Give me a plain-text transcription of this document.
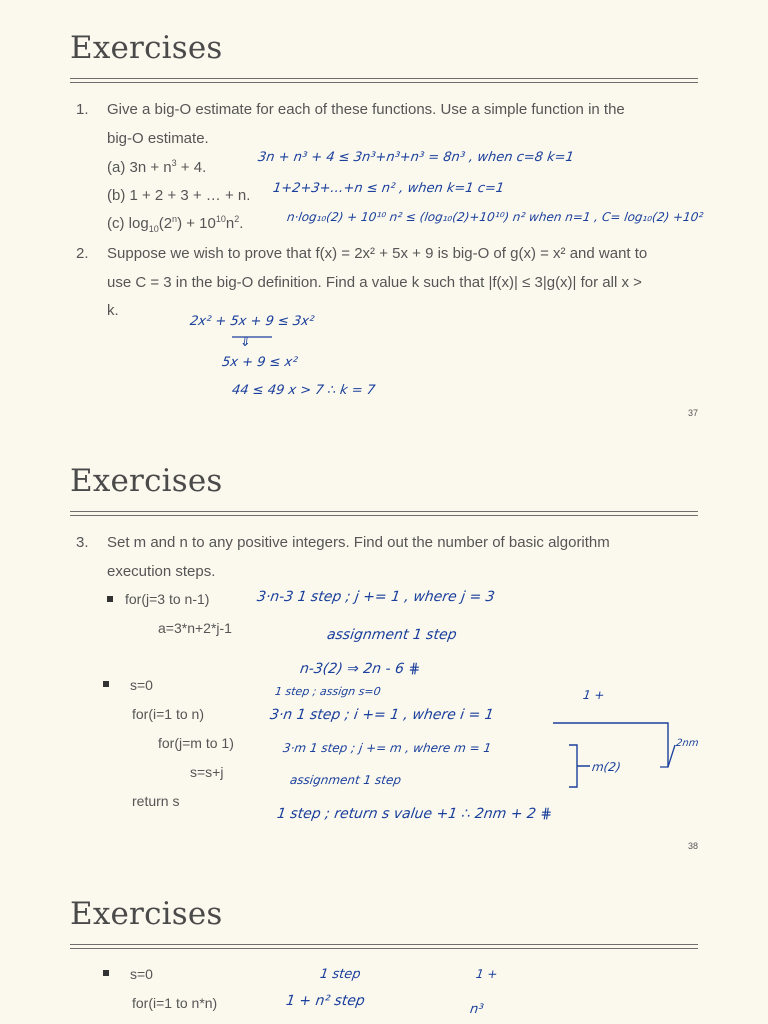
Exercises
1. Give a big-O estimate for each of these functions. Use a simple function in the
big-O estimate.
(a) $3n + n^3 + 4$.
(b) 1 + 2 + 3 + … + n.
(c) $\log_{10}(2^n) + 10^{10}n^2$.
3n + n³ + 4 ≤ 3n³+n³+n³ = 8n³ , when c=8 k=1
1+2+3+…+n ≤ n² , when k=1 c=1
n·log₁₀(2) + 10¹⁰ n² ≤ (log₁₀(2)+10¹⁰) n² when n=1 , C= log₁₀(2) +10²
2. Suppose we wish to prove that f(x) = 2x² + 5x + 9 is big-O of g(x) = x² and want to
use C = 3 in the big-O definition. Find a value k such that |f(x)| ≤ 3|g(x)| for all x >
k.
2x² + 5x + 9 ≤ 3x²
⇓
5x + 9 ≤ x²
44 ≤ 49 x > 7 ∴ k = 7
37
Exercises
3. Set m and n to any positive integers. Find out the number of basic algorithm
execution steps.
for(j=3 to n-1)
a=3*n+2*j-1
s=0
for(i=1 to n)
for(j=m to 1)
s=s+j
return s
3·n-3 1 step ; j += 1 , where j = 3
assignment 1 step
n-3(2) ⇒ 2n - 6 ⋕
1 step ; assign s=0
3·n 1 step ; i += 1 , where i = 1
3·m 1 step ; j += m , where m = 1
assignment 1 step
1 step ; return s value +1 ∴ 2nm + 2 ⋕
1 +
2nm
m(2)
38
Exercises
s=0
for(i=1 to n*n)
1 step
1 + n² step
1 +
n³
